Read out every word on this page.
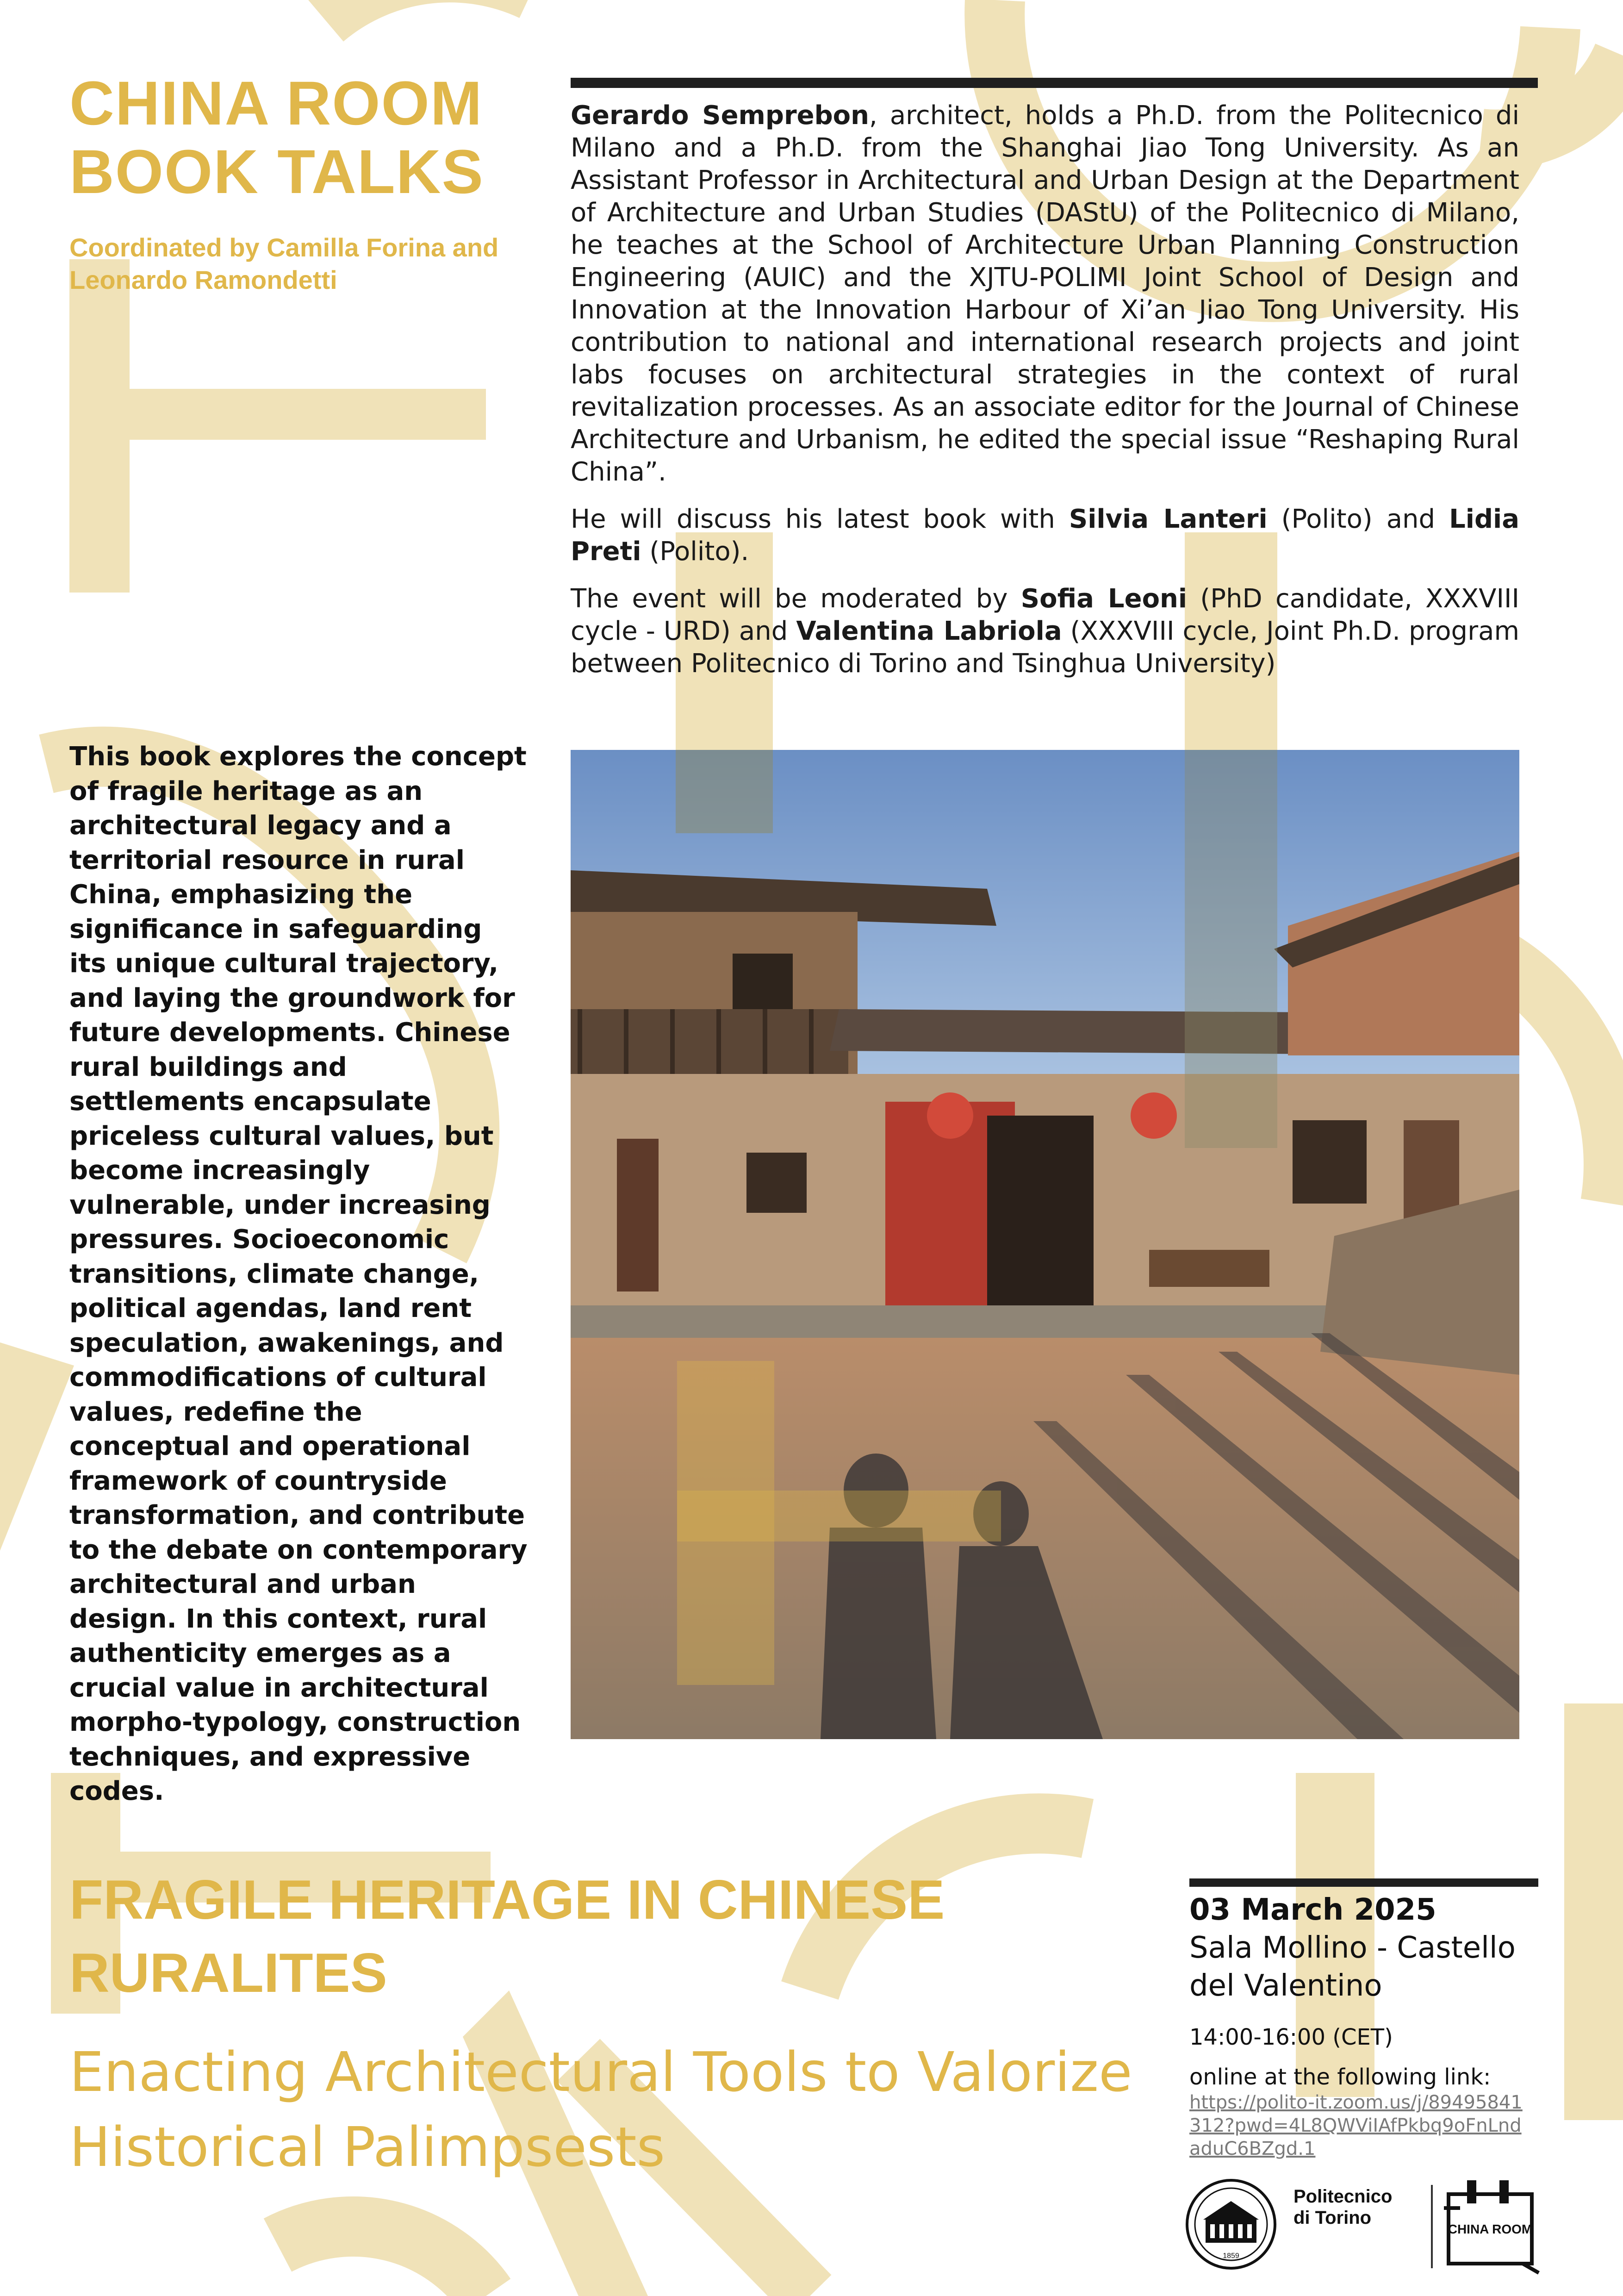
CHINA ROOM BOOK TALKS

Coordinated by Camilla Forina and Leonardo Ramondetti

Gerardo Semprebon, architect, holds a Ph.D. from the Politecnico di Milano and a Ph.D. from the Shanghai Jiao Tong University. As an Assistant Professor in Architectural and Urban Design at the Department of Architecture and Urban Studies (DAStU) of the Politecnico di Milano, he teaches at the School of Architecture Urban Planning Construction Engineering (AUIC) and the XJTU-POLIMI Joint School of Design and Innovation at the Innovation Harbour of Xi’an Jiao Tong University. His contribution to national and international research projects and joint labs focuses on architectural strategies in the context of rural revitalization processes. As an associate editor for the Journal of Chinese Architecture and Urbanism, he edited the special issue “Reshaping Rural China”.

He will discuss his latest book with Silvia Lanteri (Polito) and Lidia Preti (Polito).

The event will be moderated by Sofia Leoni (PhD candidate, XXXVIII cycle - URD) and Valentina Labriola (XXXVIII cycle, Joint Ph.D. program between Politecnico di Torino and Tsinghua University)

This book explores the concept of fragile heritage as an architectural legacy and a territorial resource in rural China, emphasizing the significance in safeguarding its unique cultural trajectory, and laying the groundwork for future developments. Chinese rural buildings and settlements encapsulate priceless cultural values, but become increasingly vulnerable, under increasing pressures. Socioeconomic transitions, climate change, political agendas, land rent speculation, awakenings, and commodifications of cultural values, redefine the conceptual and operational framework of countryside transformation, and contribute to the debate on contemporary architectural and urban design. In this context, rural authenticity emerges as a crucial value in architectural morpho-typology, construction techniques, and expressive codes.

FRAGILE HERITAGE IN CHINESE RURALITES

Enacting Architectural Tools to Valorize Historical Palimpsests

03 March 2025
Sala Mollino - Castello del Valentino
14:00-16:00 (CET)
online at the following link:
https://polito-it.zoom.us/j/89495841312?pwd=4L8QWViIAfPkbq9oFnLndaduC6BZgd.1
1859
Politecnico di Torino
CHINA ROOM
